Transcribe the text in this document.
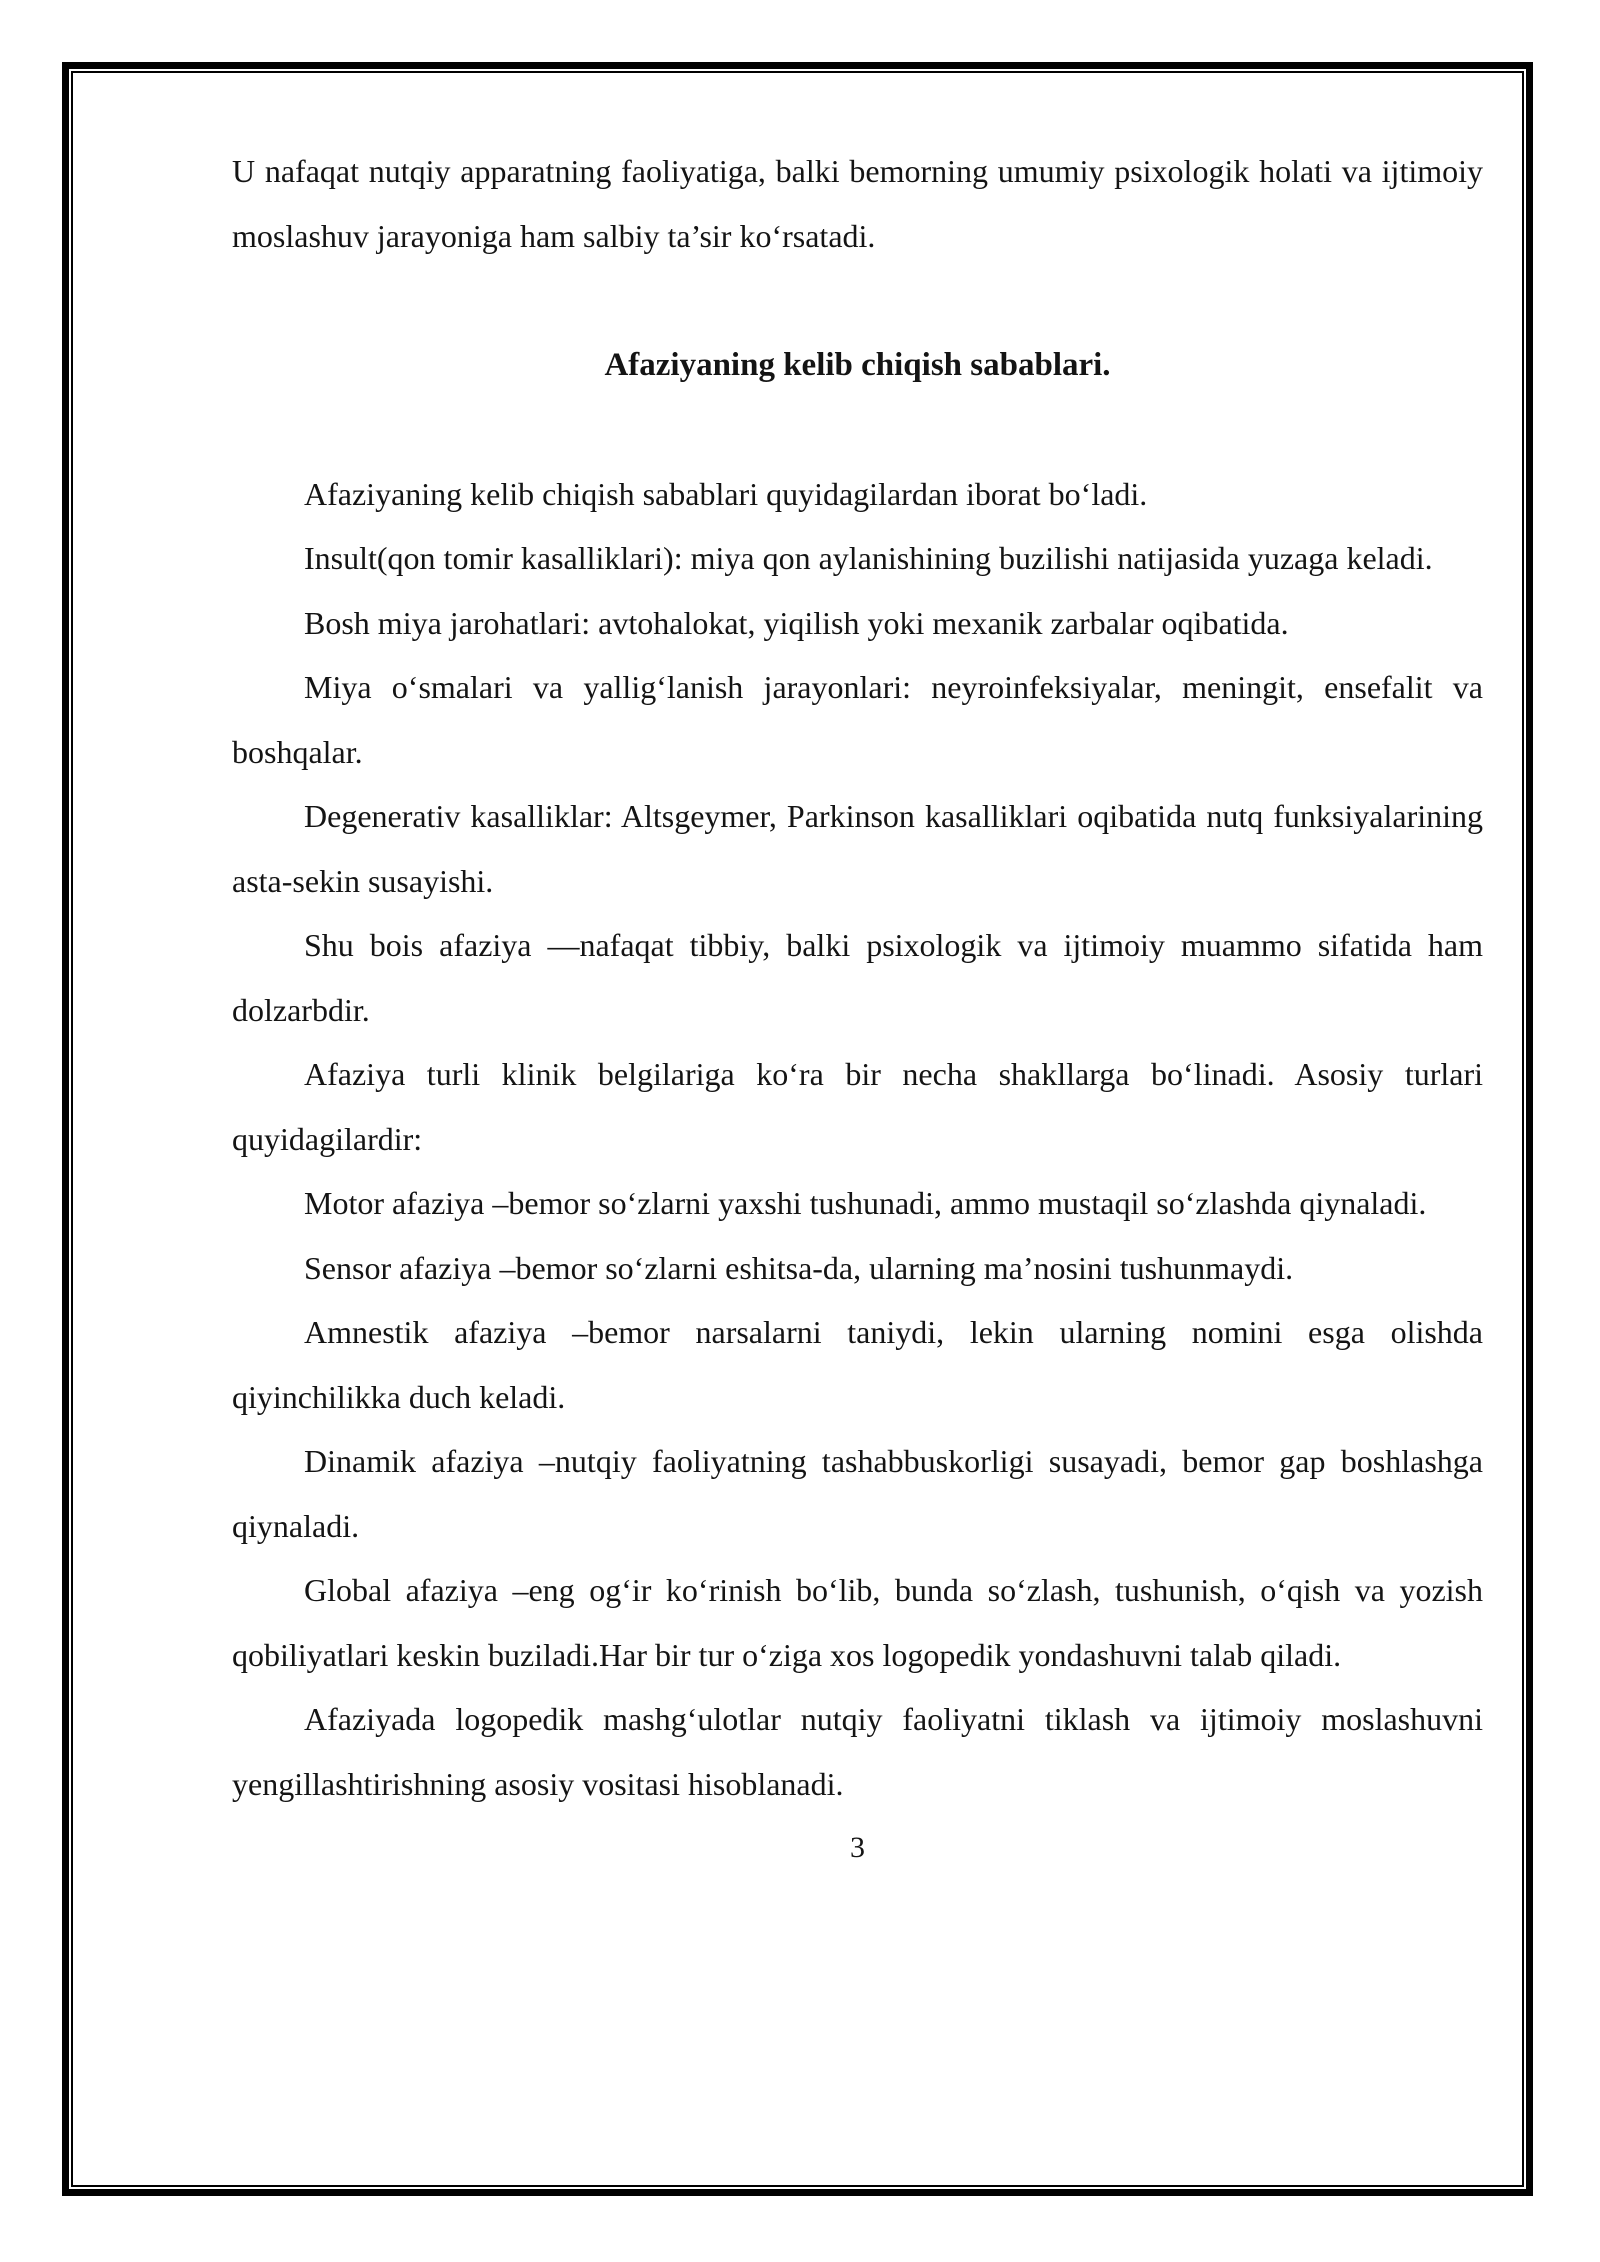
U nafaqat nutqiy apparatning faoliyatiga, balki bemorning umumiy psixologik holati va ijtimoiy moslashuv jarayoniga ham salbiy ta’sir ko‘rsatadi.

Afaziyaning kelib chiqish sabablari.

Afaziyaning kelib chiqish sabablari quyidagilardan iborat bo‘ladi.

Insult(qon tomir kasalliklari): miya qon aylanishining buzilishi natijasida yuzaga keladi.

Bosh miya jarohatlari: avtohalokat, yiqilish yoki mexanik zarbalar oqibatida.

Miya o‘smalari va yallig‘lanish jarayonlari: neyroinfeksiyalar, meningit, ensefalit va boshqalar.

Degenerativ kasalliklar: Altsgeymer, Parkinson kasalliklari oqibatida nutq funksiyalarining asta-sekin susayishi.

Shu bois afaziya —nafaqat tibbiy, balki psixologik va ijtimoiy muammo sifatida ham dolzarbdir.

Afaziya turli klinik belgilariga ko‘ra bir necha shakllarga bo‘linadi. Asosiy turlari quyidagilardir:

Motor afaziya –bemor so‘zlarni yaxshi tushunadi, ammo mustaqil so‘zlashda qiynaladi.

Sensor afaziya –bemor so‘zlarni eshitsa-da, ularning ma’nosini tushunmaydi.

Amnestik afaziya –bemor narsalarni taniydi, lekin ularning nomini esga olishda qiyinchilikka duch keladi.

Dinamik afaziya –nutqiy faoliyatning tashabbuskorligi susayadi, bemor gap boshlashga qiynaladi.

Global afaziya –eng og‘ir ko‘rinish bo‘lib, bunda so‘zlash, tushunish, o‘qish va yozish qobiliyatlari keskin buziladi.Har bir tur o‘ziga xos logopedik yondashuvni talab qiladi.

Afaziyada logopedik mashg‘ulotlar nutqiy faoliyatni tiklash va ijtimoiy moslashuvni yengillashtirishning asosiy vositasi hisoblanadi.

3
